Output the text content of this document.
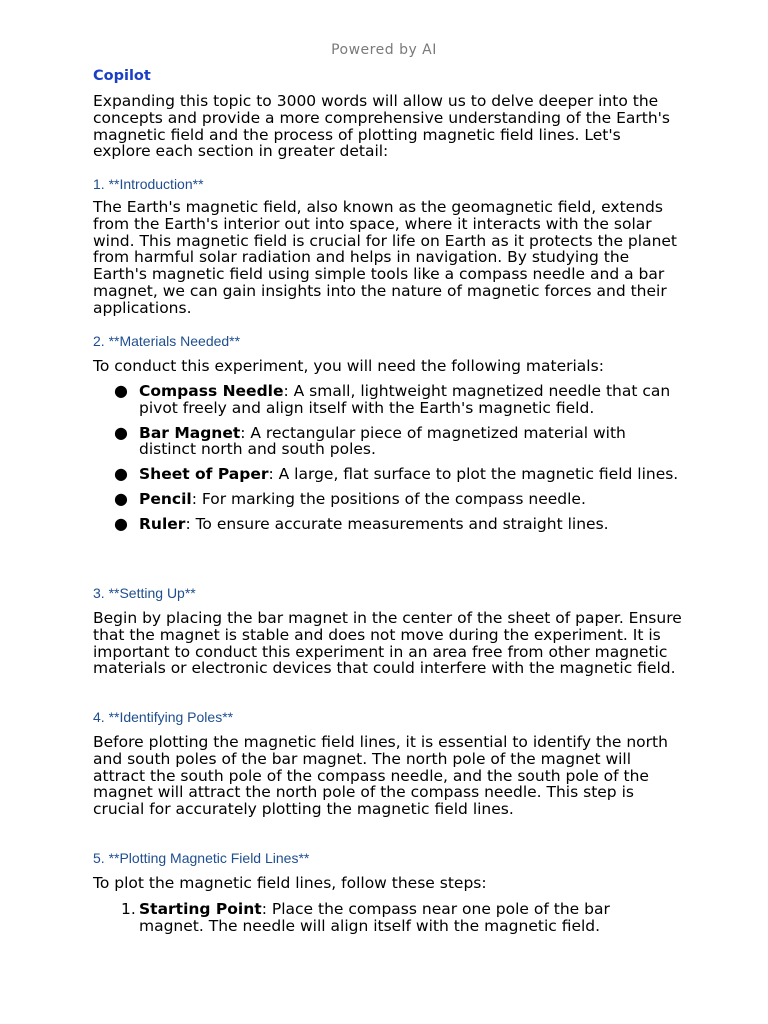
Powered by AI
Copilot

Expanding this topic to 3000 words will allow us to delve deeper into the concepts and provide a more comprehensive understanding of the Earth's magnetic field and the process of plotting magnetic field lines. Let's explore each section in greater detail:

1. **Introduction**

The Earth's magnetic field, also known as the geomagnetic field, extends from the Earth's interior out into space, where it interacts with the solar wind. This magnetic field is crucial for life on Earth as it protects the planet from harmful solar radiation and helps in navigation. By studying the Earth's magnetic field using simple tools like a compass needle and a bar magnet, we can gain insights into the nature of magnetic forces and their applications.

2. **Materials Needed**

To conduct this experiment, you will need the following materials:

● Compass Needle: A small, lightweight magnetized needle that can pivot freely and align itself with the Earth's magnetic field.
● Bar Magnet: A rectangular piece of magnetized material with distinct north and south poles.
● Sheet of Paper: A large, flat surface to plot the magnetic field lines.
● Pencil: For marking the positions of the compass needle.
● Ruler: To ensure accurate measurements and straight lines.
3. **Setting Up**

Begin by placing the bar magnet in the center of the sheet of paper. Ensure that the magnet is stable and does not move during the experiment. It is important to conduct this experiment in an area free from other magnetic materials or electronic devices that could interfere with the magnetic field.

4. **Identifying Poles**

Before plotting the magnetic field lines, it is essential to identify the north and south poles of the bar magnet. The north pole of the magnet will attract the south pole of the compass needle, and the south pole of the magnet will attract the north pole of the compass needle. This step is crucial for accurately plotting the magnetic field lines.

5. **Plotting Magnetic Field Lines**

To plot the magnetic field lines, follow these steps:

1. Starting Point: Place the compass near one pole of the bar magnet. The needle will align itself with the magnetic field.
